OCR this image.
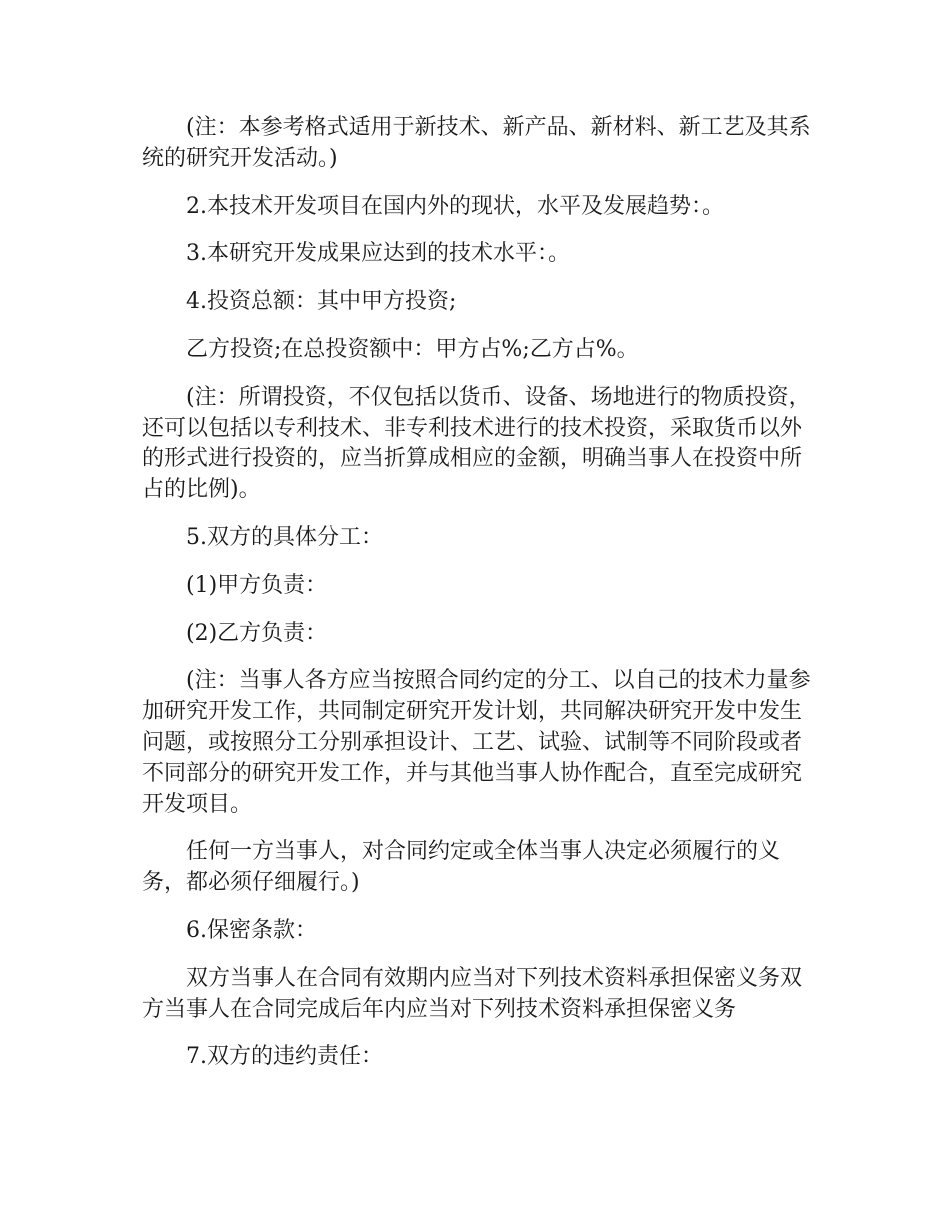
(注：本参考格式适用于新技术、新产品、新材料、新工艺及其系统的研究开发活动。)

2.本技术开发项目在国内外的现状，水平及发展趋势：。

3.本研究开发成果应达到的技术水平：。

4.投资总额：其中甲方投资;

乙方投资;在总投资额中：甲方占%;乙方占%。

(注：所谓投资，不仅包括以货币、设备、场地进行的物质投资，还可以包括以专利技术、非专利技术进行的技术投资，采取货币以外的形式进行投资的，应当折算成相应的金额，明确当事人在投资中所占的比例)。

5.双方的具体分工：

(1)甲方负责：

(2)乙方负责：

(注：当事人各方应当按照合同约定的分工、以自己的技术力量参加研究开发工作，共同制定研究开发计划，共同解决研究开发中发生问题，或按照分工分别承担设计、工艺、试验、试制等不同阶段或者不同部分的研究开发工作，并与其他当事人协作配合，直至完成研究开发项目。

任何一方当事人，对合同约定或全体当事人决定必须履行的义务，都必须仔细履行。)

6.保密条款：

双方当事人在合同有效期内应当对下列技术资料承担保密义务双方当事人在合同完成后年内应当对下列技术资料承担保密义务

7.双方的违约责任：
